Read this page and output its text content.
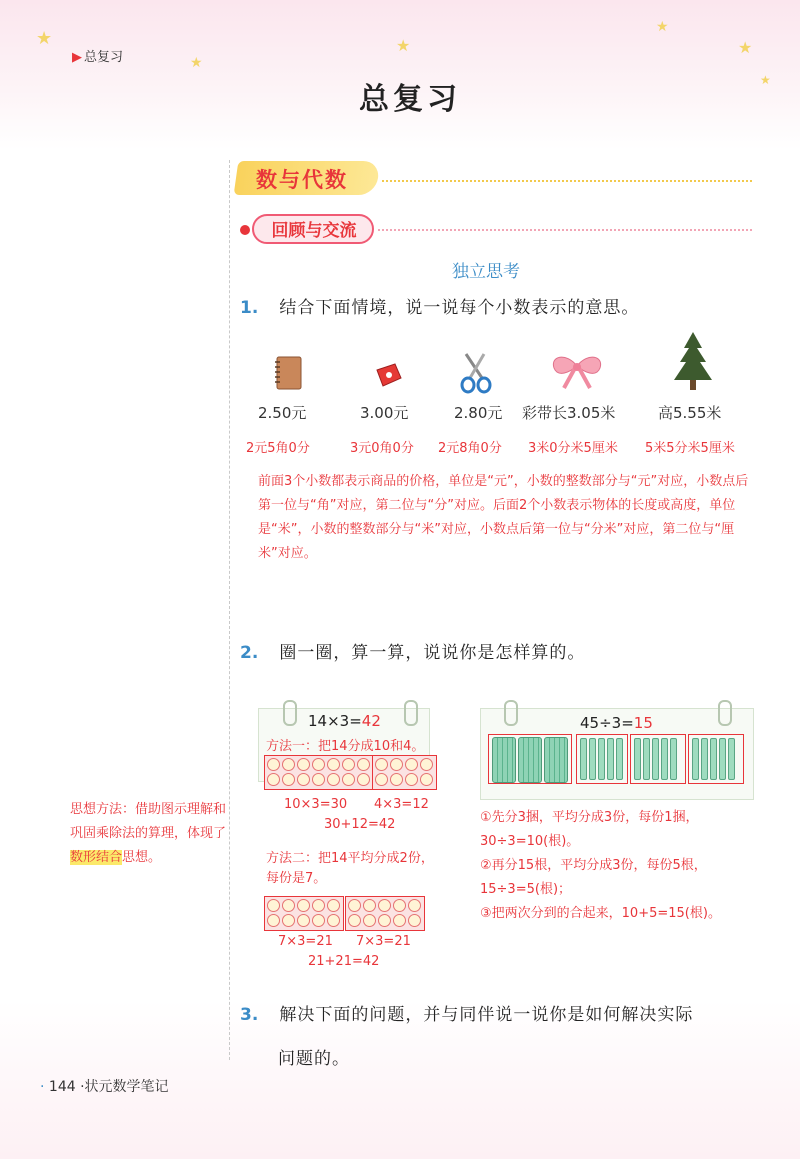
★
★
★
★
★
★
▶ 总复习
总复习
数与代数
回顾与交流
独立思考
1. 结合下面情境，说一说每个小数表示的意思。
2.50元	3.00元	2.80元 彩带长3.05米	高5.55米
2元5角0分	3元0角0分 2元8角0分 3米0分米5厘米 5米5分米5厘米
前面3个小数都表示商品的价格，单位是“元”，小数的整数部分与“元”对应，小数点后第一位与“角”对应，第二位与“分”对应。后面2个小数表示物体的长度或高度，单位是“米”，小数的整数部分与“米”对应，小数点后第一位与“分米”对应，第二位与“厘米”对应。
2. 圈一圈，算一算，说说你是怎样算的。
14×3=42
方法一：把14分成10和4。
10×3=30 4×3=12
30+12=42
方法二：把14平均分成2份，每份是7。
7×3=21 7×3=21
21+21=42
45÷3=15
①先分3捆，平均分成3份，每份1捆，30÷3=10(根)。
②再分15根，平均分成3份，每份5根，15÷3=5(根)；
③把两次分到的合起来，10+5=15(根)。
思想方法：借助图示理解和巩固乘除法的算理，体现了数形结合思想。
3. 解决下面的问题，并与同伴说一说你是如何解决实际
问题的。
· 144 ·状元数学笔记
